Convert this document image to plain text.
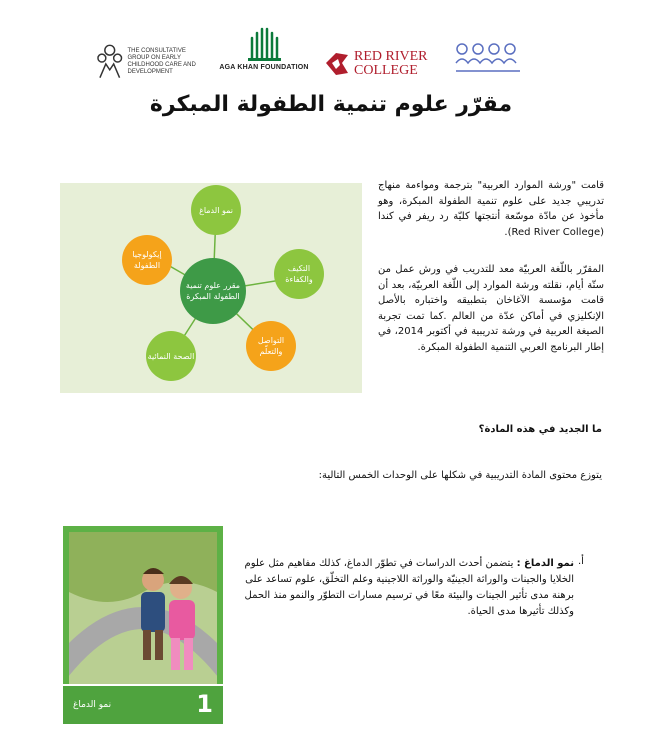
THE CONSULTATIVE GROUP ON EARLY CHILDHOOD CARE AND DEVELOPMENT
AGA KHAN FOUNDATION
RED RIVER
COLLEGE
مقرّر علوم تنمية الطفولة المبكرة
مقرر علوم تنمية الطفولة المبكرة
نمو الدماغ
التكيف والكفاءة
التواصل والتعلّم
الصحة النمائية
إيكولوجيا الطفولة
قامت "ورشة الموارد العربية" بترجمة ومواءمة منهاج تدريبي جديد على علوم تنمية الطفولة المبكرة، وهو مأخوذ عن مادّة موسّعة أنتجتها كليّة رد ريفر في كندا (Red River College).
المقرّر باللّغة العربيّة معد للتدريب في ورش عمل من ستّة أيام، نقلته ورشة الموارد إلى اللّغة العربيّة، بعد أن قامت مؤسسة الآغاخان بتطبيقه واختباره بالأصل الإنكليزي في أماكن عدّة من العالم .كما تمت تجربة الصيغة العربية في ورشة تدريبية في أكتوبر 2014، في إطار البرنامج العربي التنمية الطفولة المبكرة.
ما الجديد في هذه المادة؟
يتوزع محتوى المادة التدريبية في شكلها على الوحدات الخمس التالية:
1
نمو الدماغ
أ.
نمو الدماغ : يتضمن أحدث الدراسات في تطوّر الدماغ، كذلك مفاهيم مثل علوم الخلايا والجينات والوراثة الجينيّة والوراثة اللاجينية وعلم التخلّق، علوم تساعد على برهنة مدى تأثير الجينات والبيئة معًا في ترسيم مسارات التطوّر والنمو منذ الحمل وكذلك تأثيرها مدى الحياة.
